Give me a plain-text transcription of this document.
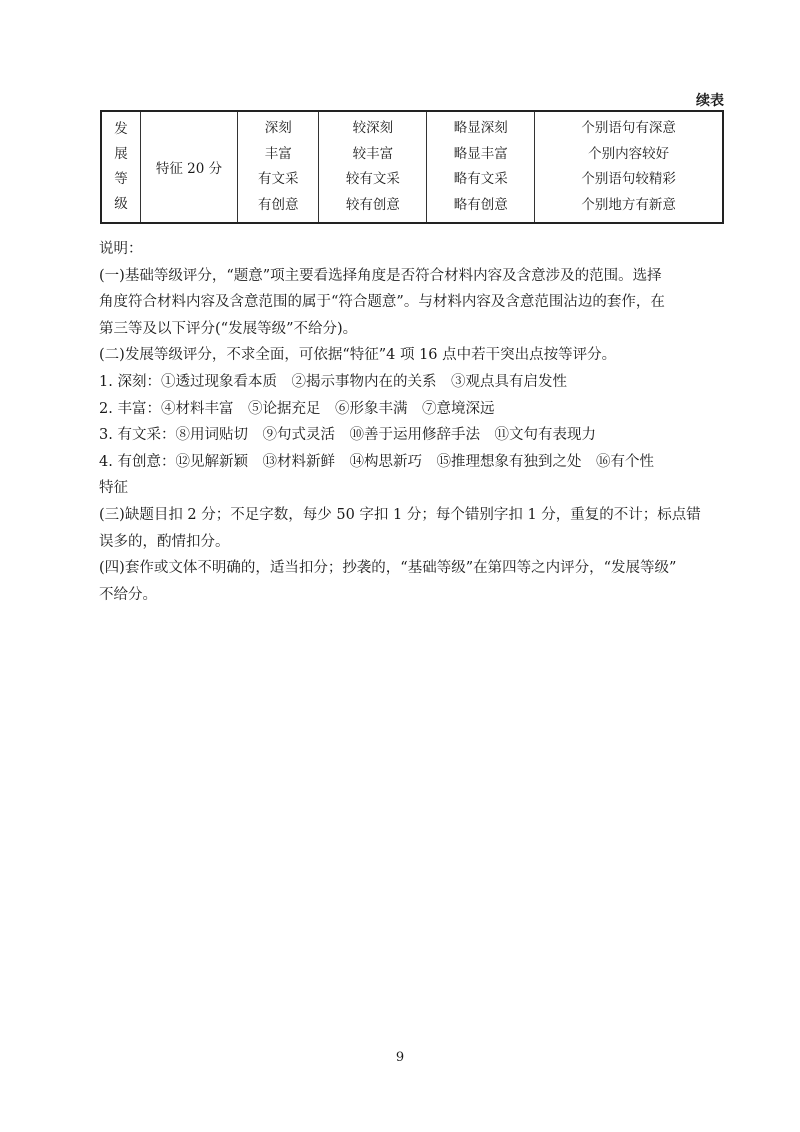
续表
发
展
等
级
	特征 20 分	
深刻
丰富
有文采
有创意

较深刻
较丰富
较有文采
较有创意

略显深刻
略显丰富
略有文采
略有创意

个别语句有深意
个别内容较好
个别语句较精彩
个别地方有新意

说明：

(一)基础等级评分，“题意”项主要看选择角度是否符合材料内容及含意涉及的范围。选择

角度符合材料内容及含意范围的属于“符合题意”。与材料内容及含意范围沾边的套作，在

第三等及以下评分(“发展等级”不给分)。

(二)发展等级评分，不求全面，可依据“特征”4 项 16 点中若干突出点按等评分。

1. 深刻：①透过现象看本质　②揭示事物内在的关系　③观点具有启发性

2. 丰富：④材料丰富　⑤论据充足　⑥形象丰满　⑦意境深远

3. 有文采：⑧用词贴切　⑨句式灵活　⑩善于运用修辞手法　⑪文句有表现力

4. 有创意：⑫见解新颖　⑬材料新鲜　⑭构思新巧　⑮推理想象有独到之处　⑯有个性

特征

(三)缺题目扣 2 分；不足字数，每少 50 字扣 1 分；每个错别字扣 1 分，重复的不计；标点错

误多的，酌情扣分。

(四)套作或文体不明确的，适当扣分；抄袭的，“基础等级”在第四等之内评分，“发展等级”

不给分。

9
